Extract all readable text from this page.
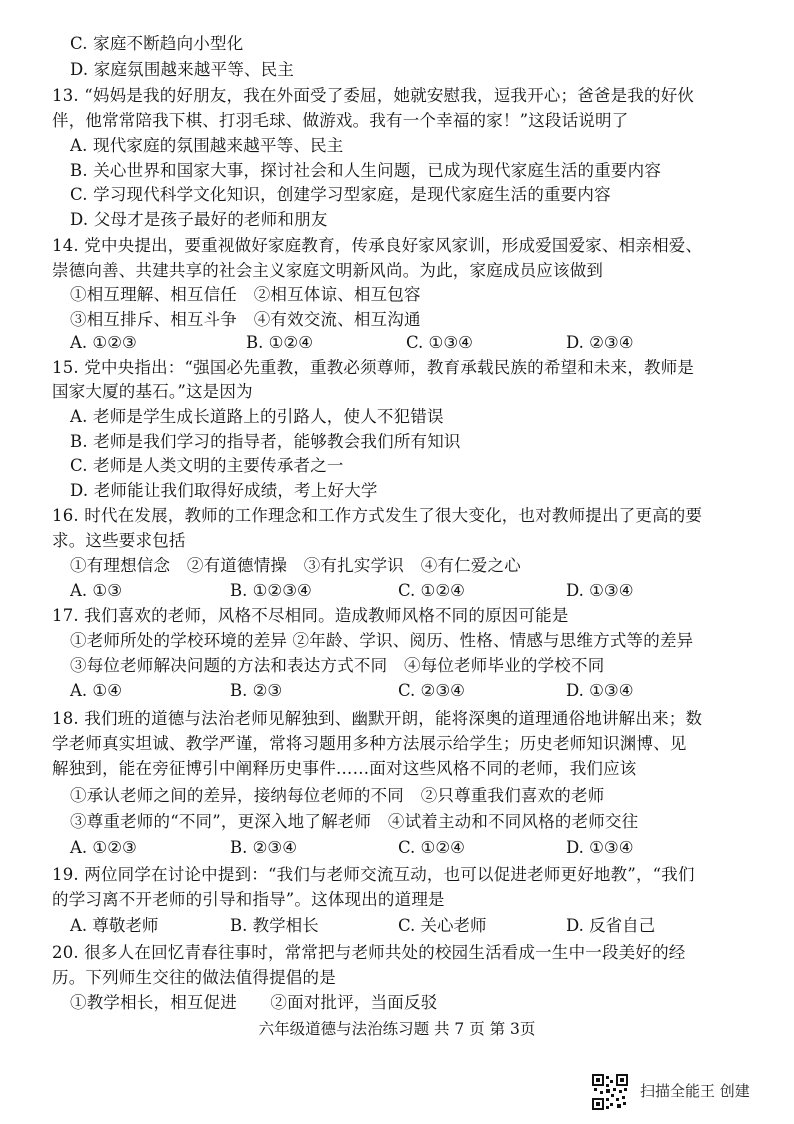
C. 家庭不断趋向小型化
D. 家庭氛围越来越平等、民主
13. “妈妈是我的好朋友，我在外面受了委屈，她就安慰我，逗我开心；爸爸是我的好伙
伴，他常常陪我下棋、打羽毛球、做游戏。我有一个幸福的家！”这段话说明了
A. 现代家庭的氛围越来越平等、民主
B. 关心世界和国家大事，探讨社会和人生问题，已成为现代家庭生活的重要内容
C. 学习现代科学文化知识，创建学习型家庭，是现代家庭生活的重要内容
D. 父母才是孩子最好的老师和朋友
14. 党中央提出，要重视做好家庭教育，传承良好家风家训，形成爱国爱家、相亲相爱、
崇德向善、共建共享的社会主义家庭文明新风尚。为此，家庭成员应该做到
①相互理解、相互信任　②相互体谅、相互包容
③相互排斥、相互斗争　④有效交流、相互沟通
A. ①②③	B. ①②④	C. ①③④	D. ②③④
15. 党中央指出：“强国必先重教，重教必须尊师，教育承载民族的希望和未来，教师是
国家大厦的基石。”这是因为
A. 老师是学生成长道路上的引路人，使人不犯错误
B. 老师是我们学习的指导者，能够教会我们所有知识
C. 老师是人类文明的主要传承者之一
D. 老师能让我们取得好成绩，考上好大学
16. 时代在发展，教师的工作理念和工作方式发生了很大变化，也对教师提出了更高的要
求。这些要求包括
①有理想信念　②有道德情操　③有扎实学识　④有仁爱之心
A. ①③	B. ①②③④	C. ①②④	D. ①③④
17. 我们喜欢的老师，风格不尽相同。造成教师风格不同的原因可能是
①老师所处的学校环境的差异 ②年龄、学识、阅历、性格、情感与思维方式等的差异
③每位老师解决问题的方法和表达方式不同　④每位老师毕业的学校不同
A. ①④	B. ②③	C. ②③④	D. ①③④
18. 我们班的道德与法治老师见解独到、幽默开朗，能将深奥的道理通俗地讲解出来；数
学老师真实坦诚、教学严谨，常将习题用多种方法展示给学生；历史老师知识渊博、见
解独到，能在旁征博引中阐释历史事件……面对这些风格不同的老师，我们应该
①承认老师之间的差异，接纳每位老师的不同　②只尊重我们喜欢的老师
③尊重老师的“不同”，更深入地了解老师　④试着主动和不同风格的老师交往
A. ①②③	B. ②③④	C. ①②④	D. ①③④
19. 两位同学在讨论中提到：“我们与老师交流互动，也可以促进老师更好地教”，“我们
的学习离不开老师的引导和指导”。这体现出的道理是
A. 尊敬老师	B. 教学相长	C. 关心老师	D. 反省自己
20. 很多人在回忆青春往事时，常常把与老师共处的校园生活看成一生中一段美好的经
历。下列师生交往的做法值得提倡的是
①教学相长，相互促进　　②面对批评，当面反驳
六年级道德与法治练习题 共 7 页 第 3页
扫描全能王 创建
